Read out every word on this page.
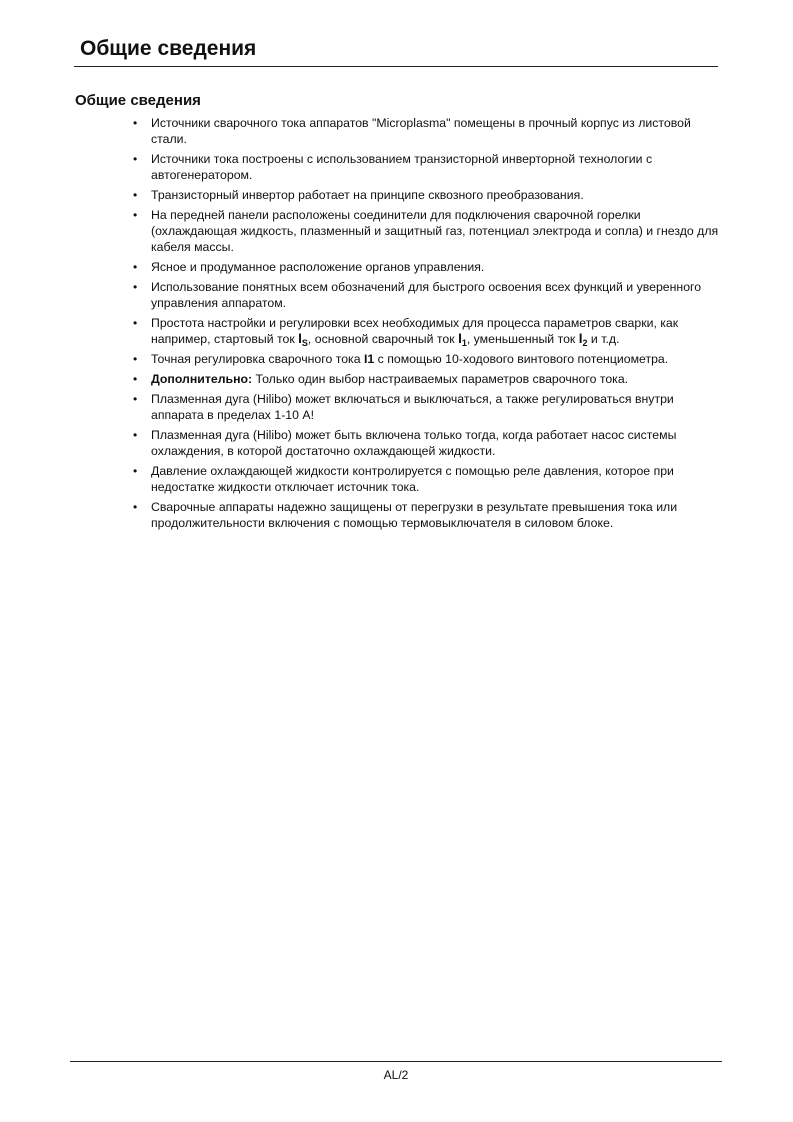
Общие сведения
Общие сведения
•	Источники сварочного тока аппаратов "Microplasma" помещены в прочный корпус из листовой стали.
•	Источники тока построены с использованием транзисторной инверторной технологии с автогенератором.
•	Транзисторный инвертор работает на принципе сквозного преобразования.
•	На передней панели расположены соединители для подключения сварочной горелки (охлаждающая жидкость, плазменный и защитный газ, потенциал электрода и сопла) и гнездо для кабеля массы.
•	Ясное и продуманное расположение органов управления.
•	Использование понятных всем обозначений для быстрого освоения всех функций и уверенного управления аппаратом.
•	Простота настройки и регулировки всех необходимых для процесса параметров сварки, как например, стартовый ток $I_S$, основной сварочный ток $I_1$, уменьшенный ток $I_2$ и т.д.
•	Точная регулировка сварочного тока I1 с помощью 10-ходового винтового потенциометра.
•	Дополнительно: Только один выбор настраиваемых параметров сварочного тока.
•	Плазменная дуга (Hilibo) может включаться и выключаться, а также регулироваться внутри аппарата в пределах 1-10 А!
•	Плазменная дуга (Hilibo) может быть включена только тогда, когда работает насос системы охлаждения, в которой достаточно охлаждающей жидкости.
•	Давление охлаждающей жидкости контролируется с помощью реле давления, которое при недостатке жидкости отключает источник тока.
•	Сварочные аппараты надежно защищены от перегрузки в результате превышения тока или продолжительности включения с помощью термовыключателя в силовом блоке.
AL/2
